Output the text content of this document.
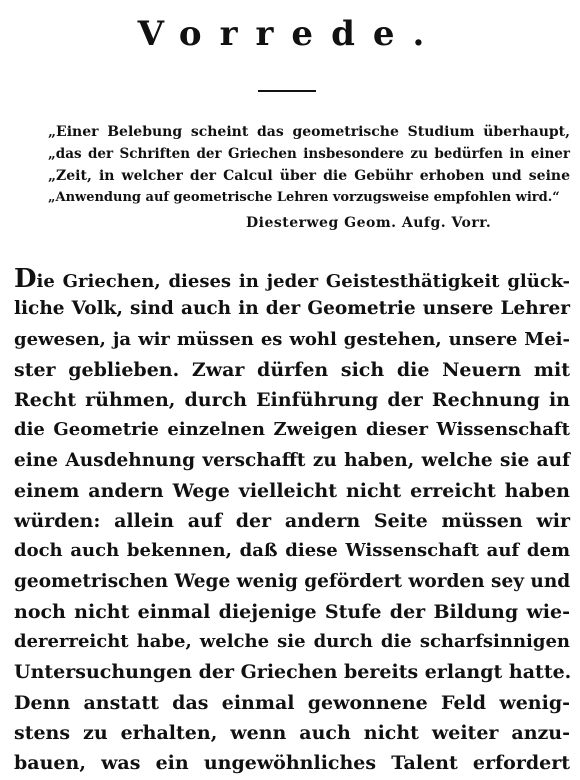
Vorrede.
„Einer Belebung scheint das geometrische Studium überhaupt,
„das der Schriften der Griechen insbesondere zu bedürfen in einer
„Zeit, in welcher der Calcul über die Gebühr erhoben und seine
„Anwendung auf geometrische Lehren vorzugsweise empfohlen wird.“
Diesterweg Geom. Aufg. Vorr.
Die Griechen, dieses in jeder Geistesthätigkeit glück-
liche Volk, sind auch in der Geometrie unsere Lehrer
gewesen, ja wir müssen es wohl gestehen, unsere Mei-
ster geblieben. Zwar dürfen sich die Neuern mit
Recht rühmen, durch Einführung der Rechnung in
die Geometrie einzelnen Zweigen dieser Wissenschaft
eine Ausdehnung verschafft zu haben, welche sie auf
einem andern Wege vielleicht nicht erreicht haben
würden: allein auf der andern Seite müssen wir
doch auch bekennen, daß diese Wissenschaft auf dem
geometrischen Wege wenig gefördert worden sey und
noch nicht einmal diejenige Stufe der Bildung wie-
dererreicht habe, welche sie durch die scharfsinnigen
Untersuchungen der Griechen bereits erlangt hatte.
Denn anstatt das einmal gewonnene Feld wenig-
stens zu erhalten, wenn auch nicht weiter anzu-
bauen, was ein ungewöhnliches Talent erfordert
